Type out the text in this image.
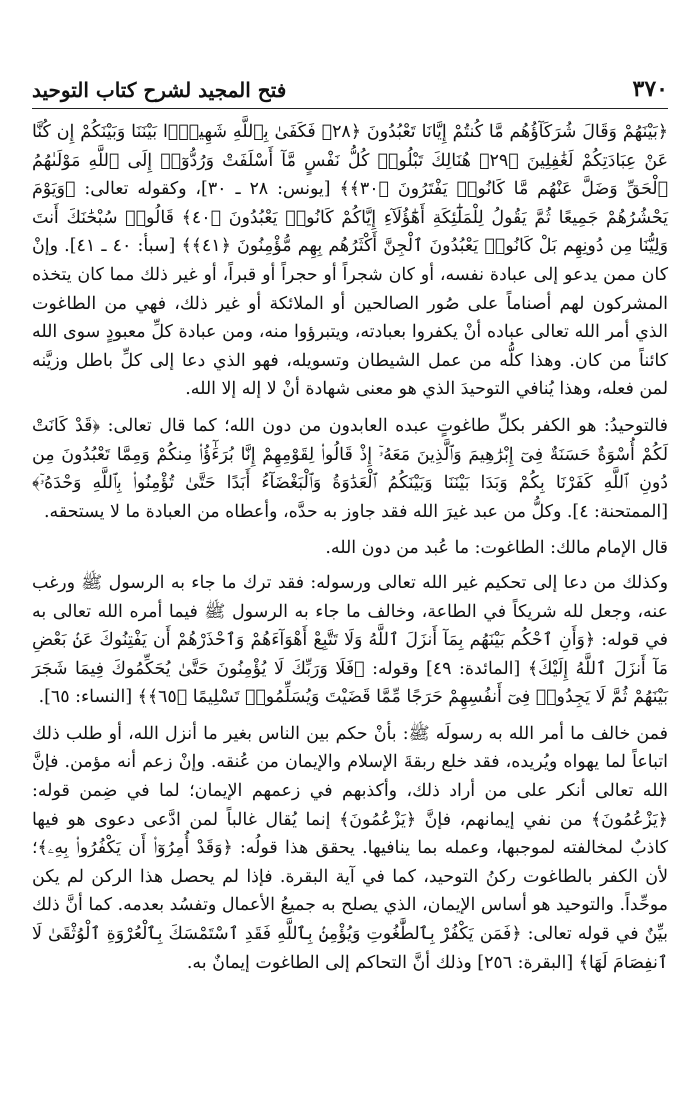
٣٧٠
فتح المجيد لشرح كتاب التوحيد

﴿بَيْنَهُمْ وَقَالَ شُرَكَآؤُهُم مَّا كُنتُمْ إِيَّانَا تَعْبُدُونَ ﴿٢٨﴾ فَكَفَىٰ بِٱللَّهِ شَهِيدًۢا بَيْنَنَا وَبَيْنَكُمْ إِن كُنَّا عَنْ عِبَادَتِكُمْ لَغَٰفِلِينَ ﴿٢٩﴾ هُنَالِكَ تَبْلُوا۟ كُلُّ نَفْسٍ مَّآ أَسْلَفَتْ وَرُدُّوٓا۟ إِلَى ٱللَّهِ مَوْلَىٰهُمُ ٱلْحَقِّ وَضَلَّ عَنْهُم مَّا كَانُوا۟ يَفْتَرُونَ ﴿٣٠﴾﴾ [يونس: ٢٨ ـ ٣٠]، وكقوله تعالى: ﴿وَيَوْمَ يَحْشُرُهُمْ جَمِيعًا ثُمَّ يَقُولُ لِلْمَلَٰٓئِكَةِ أَهَٰٓؤُلَآءِ إِيَّاكُمْ كَانُوا۟ يَعْبُدُونَ ﴿٤٠﴾ قَالُوا۟ سُبْحَٰنَكَ أَنتَ وَلِيُّنَا مِن دُونِهِم بَلْ كَانُوا۟ يَعْبُدُونَ ٱلْجِنَّ أَكْثَرُهُم بِهِم مُّؤْمِنُونَ ﴿٤١﴾﴾ [سبأ: ٤٠ ـ ٤١]. وإنْ كان ممن يدعو إلى عبادة نفسه، أو كان شجراً أو حجراً أو قبراً، أو غير ذلك مما كان يتخذه المشركون لهم أصناماً على صُور الصالحين أو الملائكة أو غير ذلك، فهي من الطاغوت الذي أمر الله تعالى عباده أنْ يكفروا بعبادته، ويتبرؤوا منه، ومن عبادة كلِّ معبودٍ سوى الله كائناً من كان. وهذا كلُّه من عمل الشيطان وتسويله، فهو الذي دعا إلى كلِّ باطل وزيَّنه لمن فعله، وهذا يُنافي التوحيدَ الذي هو معنى شهادة أنْ لا إله إلا الله.

فالتوحيدُ: هو الكفر بكلِّ طاغوتٍ عبده العابدون من دون الله؛ كما قال تعالى: ﴿قَدْ كَانَتْ لَكُمْ أُسْوَةٌ حَسَنَةٌ فِىٓ إِبْرَٰهِيمَ وَٱلَّذِينَ مَعَهُۥٓ إِذْ قَالُوا۟ لِقَوْمِهِمْ إِنَّا بُرَءَٰٓؤُا۟ مِنكُمْ وَمِمَّا تَعْبُدُونَ مِن دُونِ ٱللَّهِ كَفَرْنَا بِكُمْ وَبَدَا بَيْنَنَا وَبَيْنَكُمُ ٱلْعَدَٰوَةُ وَٱلْبَغْضَآءُ أَبَدًا حَتَّىٰ تُؤْمِنُوا۟ بِٱللَّهِ وَحْدَهُۥٓ﴾ [الممتحنة: ٤]. وكلُّ من عبد غيرَ الله فقد جاوز به حدَّه، وأعطاه من العبادة ما لا يستحقه.

قال الإمام مالك: الطاغوت: ما عُبد من دون الله.

وكذلك من دعا إلى تحكيم غير الله تعالى ورسوله: فقد ترك ما جاء به الرسول ﷺ ورغب عنه، وجعل لله شريكاً في الطاعة، وخالف ما جاء به الرسول ﷺ فيما أمره الله تعالى به في قوله: ﴿وَأَنِ ٱحْكُم بَيْنَهُم بِمَآ أَنزَلَ ٱللَّهُ وَلَا تَتَّبِعْ أَهْوَآءَهُمْ وَٱحْذَرْهُمْ أَن يَفْتِنُوكَ عَنۢ بَعْضِ مَآ أَنزَلَ ٱللَّهُ إِلَيْكَ﴾ [المائدة: ٤٩] وقوله: ﴿فَلَا وَرَبِّكَ لَا يُؤْمِنُونَ حَتَّىٰ يُحَكِّمُوكَ فِيمَا شَجَرَ بَيْنَهُمْ ثُمَّ لَا يَجِدُوا۟ فِىٓ أَنفُسِهِمْ حَرَجًا مِّمَّا قَضَيْتَ وَيُسَلِّمُوا۟ تَسْلِيمًا ﴿٦٥﴾﴾ [النساء: ٦٥].

فمن خالف ما أمر الله به رسولَه ﷺ: بأنْ حكم بين الناس بغير ما أنزل الله، أو طلب ذلك اتباعاً لما يهواه ويُريده، فقد خلع ربقةَ الإسلام والإيمان من عُنقه. وإنْ زعم أنه مؤمن. فإنَّ الله تعالى أنكر على من أراد ذلك، وأكذبهم في زعمهم الإيمان؛ لما في ضِمن قوله: ﴿يَزْعُمُونَ﴾ من نفي إيمانهم، فإنَّ ﴿يَزْعُمُونَ﴾ إنما يُقال غالباً لمن ادَّعى دعوى هو فيها كاذبٌ لمخالفته لموجبها، وعمله بما ينافيها. يحقق هذا قولُه: ﴿وَقَدْ أُمِرُوٓا۟ أَن يَكْفُرُوا۟ بِهِۦ﴾؛ لأن الكفر بالطاغوت ركنُ التوحيد، كما في آية البقرة. فإذا لم يحصل هذا الركن لم يكن موحِّداً. والتوحيد هو أساس الإيمان، الذي يصلح به جميعُ الأعمال وتفسُد بعدمه. كما أنَّ ذلك بيِّنٌ في قوله تعالى: ﴿فَمَن يَكْفُرْ بِٱلطَّٰغُوتِ وَيُؤْمِنۢ بِٱللَّهِ فَقَدِ ٱسْتَمْسَكَ بِٱلْعُرْوَةِ ٱلْوُثْقَىٰ لَا ٱنفِصَامَ لَهَا﴾ [البقرة: ٢٥٦] وذلك أنَّ التحاكم إلى الطاغوت إيمانٌ به.
